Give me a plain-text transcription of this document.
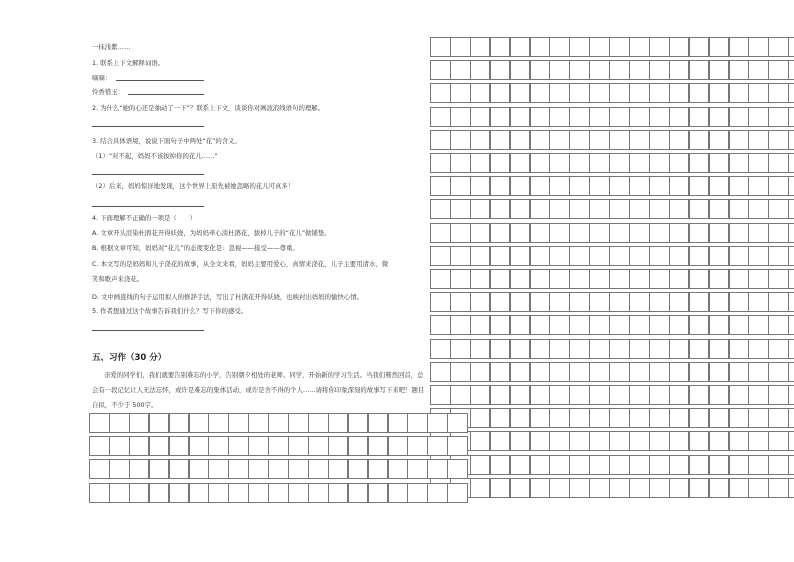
一抹浅紫……
1. 联系上下文解释词语。
嘀嘀：
怜香惜玉：
2. 为什么“她的心还是抽动了一下”？联系上下文，谈谈你对画波浪线语句的理解。
3. 结合具体语境，说说下面句子中两处“花”的含义。
（1）“对不起，妈妈不该拔掉你的花儿……”
（2）后来，妈妈惊讶地发现，这个世界上原先被她忽略的花儿可真多！
4. 下面理解不正确的一项是（　　）
A. 文章开头渲染杜鹃花开得妖娆，为妈妈牵心淡杜鹃花，拔掉儿子的“花儿”做铺垫。
B. 根据文章可知，妈妈对“花儿”的态度变化是：忽视——接受——尊重。
C. 本文写的是妈妈和儿子浇花的故事，从全文来看，妈妈主要用爱心，真情来浇花，儿子主要用清水、微
笑和歌声来浇花。
D. 文中画直线的句子运用拟人的修辞手法，写出了杜鹃花开得妖娆，也映衬出妈妈的愉快心情。
5. 作者想通过这个故事告诉我们什么？写下你的感受。
五、习作（30 分）
亲爱的同学们，我们就要告别难忘的小学，告别朝夕相处的老师、同学，开始新的学习生活。当我们蓦然回首，总会有一段记忆让人无法忘怀，或许是难忘的集体活动，或许是舍不得的个人……请将你印象深刻的故事写下来吧！题目自拟，不少于 500字。
